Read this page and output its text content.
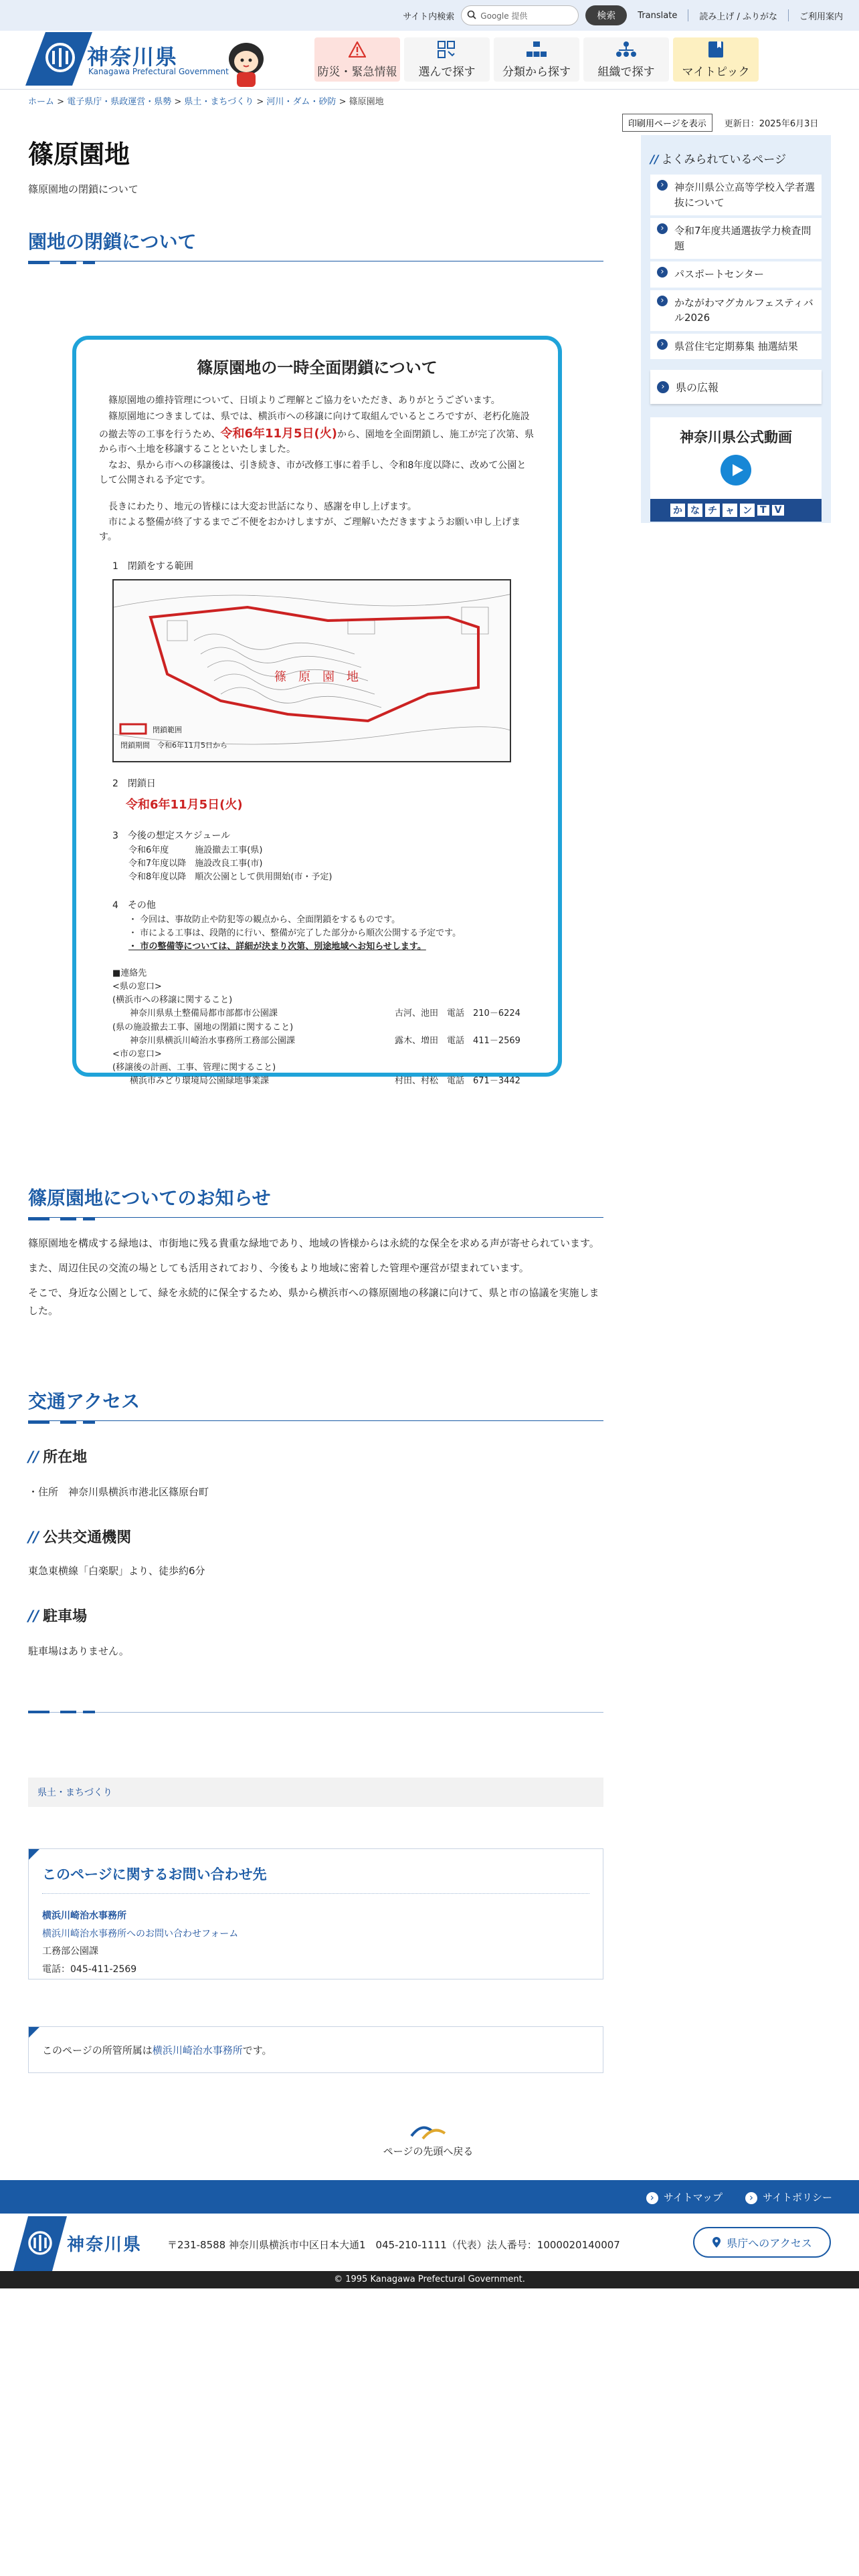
サイト内検索	Google 提供	検索	Translate	読み上げ / ふりがな	ご利用案内
神奈川県
Kanagawa Prefectural Government	防災・緊急情報 選んで探す 分類から探す 組織で探す マイトピック
ホーム > 電子県庁・県政運営・県勢 > 県土・まちづくり > 河川・ダム・砂防 > 篠原園地
印刷用ページを表示	更新日：2025年6月3日
篠原園地

篠原園地の閉鎖について

園地の閉鎖について
篠原園地の一時全面閉鎖について

　篠原園地の維持管理について、日頃よりご理解とご協力をいただき、ありがとうございます。

　篠原園地につきましては、県では、横浜市への移譲に向けて取組んでいるところですが、老朽化施設の撤去等の工事を行うため、令和6年11月5日(火)から、園地を全面閉鎖し、施工が完了次第、県から市へ土地を移譲することといたしました。

　なお、県から市への移譲後は、引き続き、市が改修工事に着手し、令和8年度以降に、改めて公園として公開される予定です。

　長きにわたり、地元の皆様には大変お世話になり、感謝を申し上げます。

　市による整備が終了するまでご不便をおかけしますが、ご理解いただきますようお願い申し上げます。

1　閉鎖をする範囲
篠　原　園　地
閉鎖範囲
閉鎖期間　令和6年11月5日から
2　閉鎖日
令和6年11月5日(火)
3　今後の想定スケジュール
令和6年度　　　施設撤去工事(県)
令和7年度以降　施設改良工事(市)
令和8年度以降　順次公園として供用開始(市・予定)
4　その他
・ 今回は、事故防止や防犯等の観点から、全面閉鎖をするものです。
・ 市による工事は、段階的に行い、整備が完了した部分から順次公開する予定です。
・ 市の整備等については、詳細が決まり次第、別途地域へお知らせします。
■連絡先
<県の窓口>
(横浜市への移譲に関すること)
　　神奈川県県土整備局都市部都市公園課	古河、池田　電話　210－6224
(県の施設撤去工事、園地の閉鎖に関すること)
　　神奈川県横浜川崎治水事務所工務部公園課	露木、増田　電話　411－2569
<市の窓口>
(移譲後の計画、工事、管理に関すること)
　　横浜市みどり環境局公園緑地事業課	村田、村松　電話　671－3442
篠原園地についてのお知らせ

篠原園地を構成する緑地は、市街地に残る貴重な緑地であり、地域の皆様からは永続的な保全を求める声が寄せられています。

また、周辺住民の交流の場としても活用されており、今後もより地域に密着した管理や運営が望まれています。

そこで、身近な公園として、緑を永続的に保全するため、県から横浜市への篠原園地の移譲に向けて、県と市の協議を実施しました。

交通アクセス
// 所在地

・住所　神奈川県横浜市港北区篠原台町

// 公共交通機関

東急東横線「白楽駅」より、徒歩約6分

// 駐車場

駐車場はありません。

県土・まちづくり
このページに関するお問い合わせ先
横浜川崎治水事務所
横浜川崎治水事務所へのお問い合わせフォーム
工務部公園課
電話：045-411-2569
このページの所管所属は横浜川崎治水事務所です。
ページの先頭へ戻る
// よくみられているページ
› 神奈川県公立高等学校入学者選抜について
› 令和7年度共通選抜学力検査問題
› パスポートセンター
› かながわマグカルフェスティバル2026
› 県営住宅定期募集 抽選結果
›	県の広報
神奈川県公式動画
か な チ ャ ン T V
› サイトマップ	› サイトポリシー
神奈川県	〒231-8588 神奈川県横浜市中区日本大通1　045-210-1111（代表）法人番号：1000020140007	県庁へのアクセス
© 1995 Kanagawa Prefectural Government.
